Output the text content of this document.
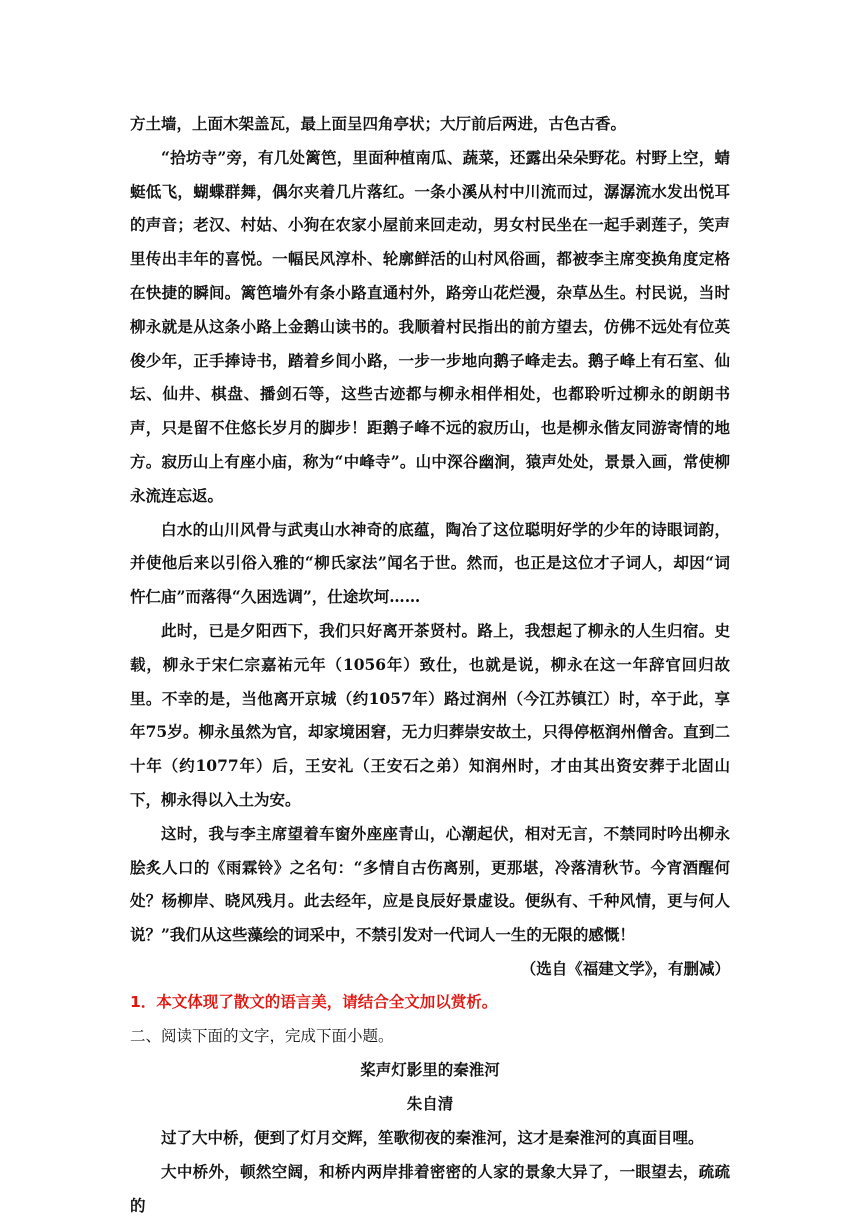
方土墙，上面木架盖瓦，最上面呈四角亭状；大厅前后两进，古色古香。

“拾坊寺”旁，有几处篱笆，里面种植南瓜、蔬菜，还露出朵朵野花。村野上空，蜻蜓低飞，蝴蝶群舞，偶尔夹着几片落红。一条小溪从村中川流而过，潺潺流水发出悦耳的声音；老汉、村姑、小狗在农家小屋前来回走动，男女村民坐在一起手剥莲子，笑声里传出丰年的喜悦。一幅民风淳朴、轮廓鲜活的山村风俗画，都被李主席变换角度定格在快捷的瞬间。篱笆墙外有条小路直通村外，路旁山花烂漫，杂草丛生。村民说，当时柳永就是从这条小路上金鹅山读书的。我顺着村民指出的前方望去，仿佛不远处有位英俊少年，正手捧诗书，踏着乡间小路，一步一步地向鹅子峰走去。鹅子峰上有石室、仙坛、仙井、棋盘、播剑石等，这些古迹都与柳永相伴相处，也都聆听过柳永的朗朗书声，只是留不住悠长岁月的脚步！距鹅子峰不远的寂历山，也是柳永偕友同游寄情的地方。寂历山上有座小庙，称为“中峰寺”。山中深谷幽涧，猿声处处，景景入画，常使柳永流连忘返。

白水的山川风骨与武夷山水神奇的底蕴，陶冶了这位聪明好学的少年的诗眼词韵，并使他后来以引俗入雅的“柳氏家法”闻名于世。然而，也正是这位才子词人，却因“词忤仁庙”而落得“久困选调”，仕途坎坷……

此时，已是夕阳西下，我们只好离开茶贤村。路上，我想起了柳永的人生归宿。史载，柳永于宋仁宗嘉祐元年（1056年）致仕，也就是说，柳永在这一年辞官回归故里。不幸的是，当他离开京城（约1057年）路过润州（今江苏镇江）时，卒于此，享年75岁。柳永虽然为官，却家境困窘，无力归葬崇安故土，只得停柩润州僧舍。直到二十年（约1077年）后，王安礼（王安石之弟）知润州时，才由其出资安葬于北固山下，柳永得以入土为安。

这时，我与李主席望着车窗外座座青山，心潮起伏，相对无言，不禁同时吟出柳永脍炙人口的《雨霖铃》之名句：“多情自古伤离别，更那堪，冷落清秋节。今宵酒醒何处？杨柳岸、晓风残月。此去经年，应是良辰好景虚设。便纵有、千种风情，更与何人说？”我们从这些藻绘的词采中，不禁引发对一代词人一生的无限的感慨！

（选自《福建文学》，有删减）

1．本文体现了散文的语言美，请结合全文加以赏析。

二、阅读下面的文字，完成下面小题。

桨声灯影里的秦淮河

朱自清

过了大中桥，便到了灯月交辉，笙歌彻夜的秦淮河，这才是秦淮河的真面目哩。

大中桥外，顿然空阔，和桥内两岸排着密密的人家的景象大异了，一眼望去，疏疏的
